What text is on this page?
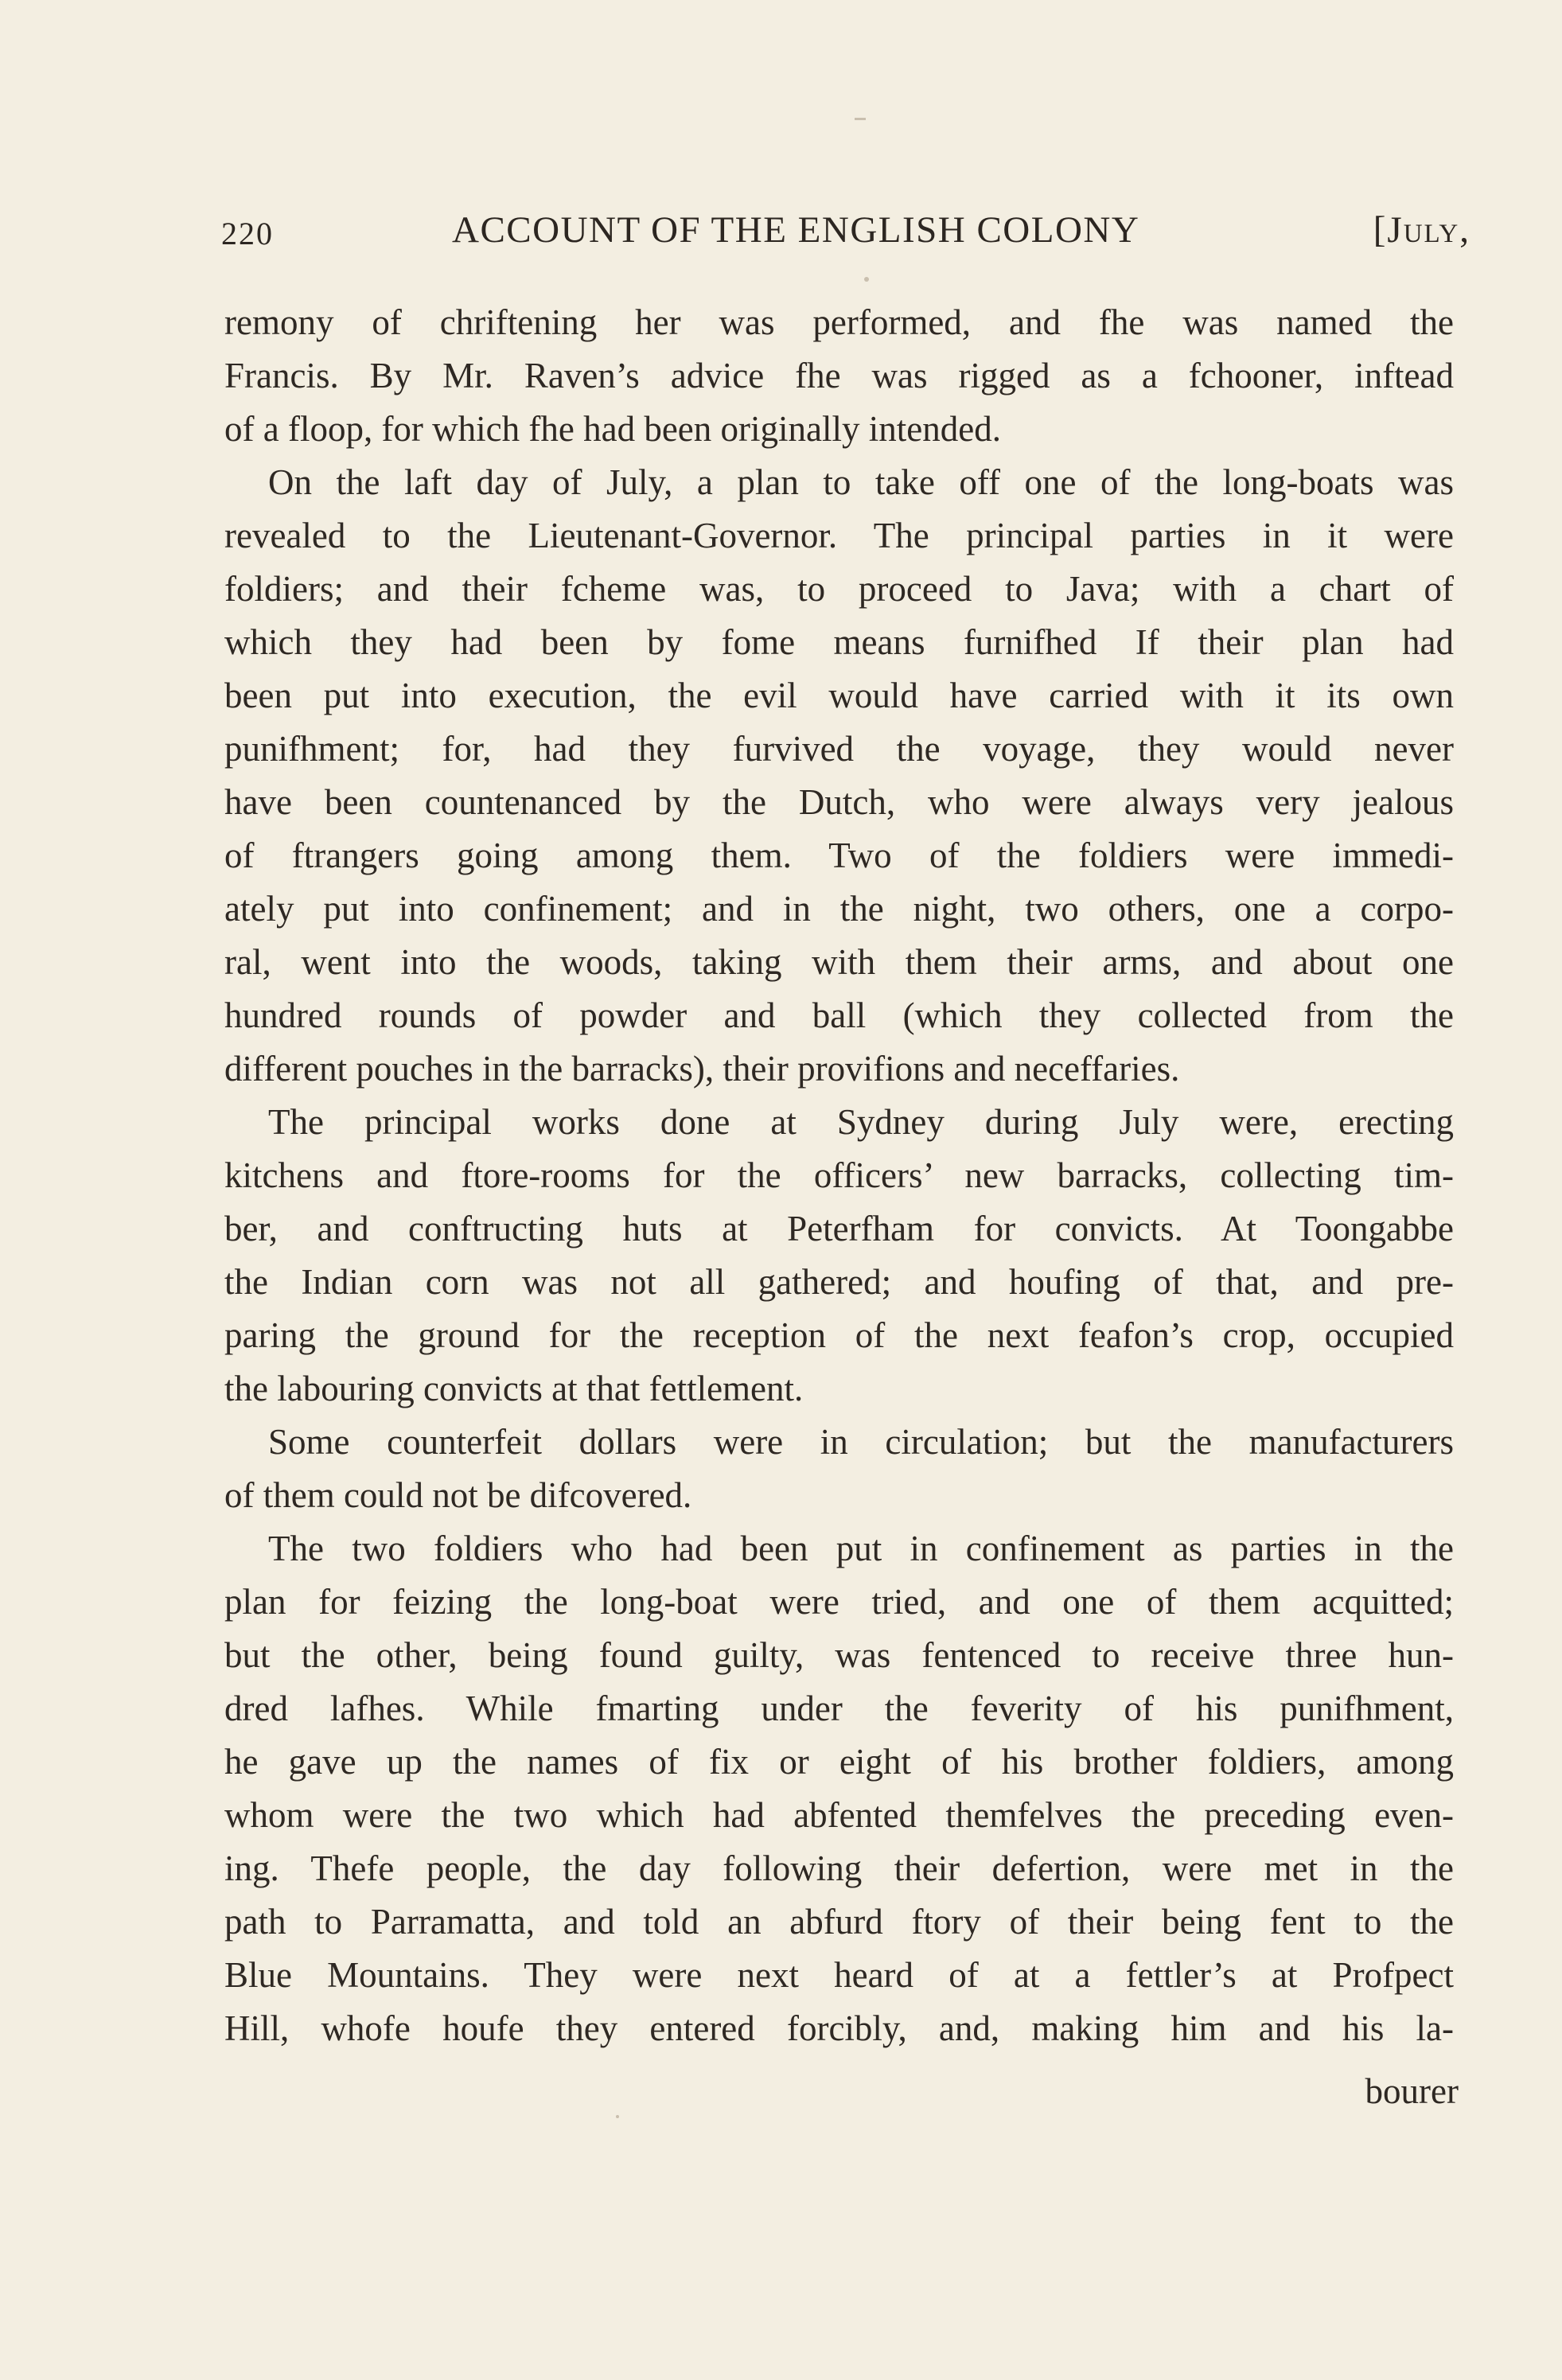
220	ACCOUNT OF THE ENGLISH COLONY	[July,
remony of chriftening her was performed, and fhe was named the
Francis. By Mr. Raven’s advice fhe was rigged as a fchooner, inftead
of a floop, for which fhe had been originally intended.
On the laft day of July, a plan to take off one of the long-boats was
revealed to the Lieutenant-Governor. The principal parties in it were
foldiers; and their fcheme was, to proceed to Java; with a chart of
which they had been by fome means furnifhed If their plan had
been put into execution, the evil would have carried with it its own
punifhment; for, had they furvived the voyage, they would never
have been countenanced by the Dutch, who were always very jealous
of ftrangers going among them. Two of the foldiers were immedi-
ately put into confinement; and in the night, two others, one a corpo-
ral, went into the woods, taking with them their arms, and about one
hundred rounds of powder and ball (which they collected from the
different pouches in the barracks), their provifions and neceffaries.
The principal works done at Sydney during July were, erecting
kitchens and ftore-rooms for the officers’ new barracks, collecting tim-
ber, and conftructing huts at Peterfham for convicts. At Toongabbe
the Indian corn was not all gathered; and houfing of that, and pre-
paring the ground for the reception of the next feafon’s crop, occupied
the labouring convicts at that fettlement.
Some counterfeit dollars were in circulation; but the manufacturers
of them could not be difcovered.
The two foldiers who had been put in confinement as parties in the
plan for feizing the long-boat were tried, and one of them acquitted;
but the other, being found guilty, was fentenced to receive three hun-
dred lafhes. While fmarting under the feverity of his punifhment,
he gave up the names of fix or eight of his brother foldiers, among
whom were the two which had abfented themfelves the preceding even-
ing. Thefe people, the day following their defertion, were met in the
path to Parramatta, and told an abfurd ftory of their being fent to the
Blue Mountains. They were next heard of at a fettler’s at Profpect
Hill, whofe houfe they entered forcibly, and, making him and his la-
bourer
